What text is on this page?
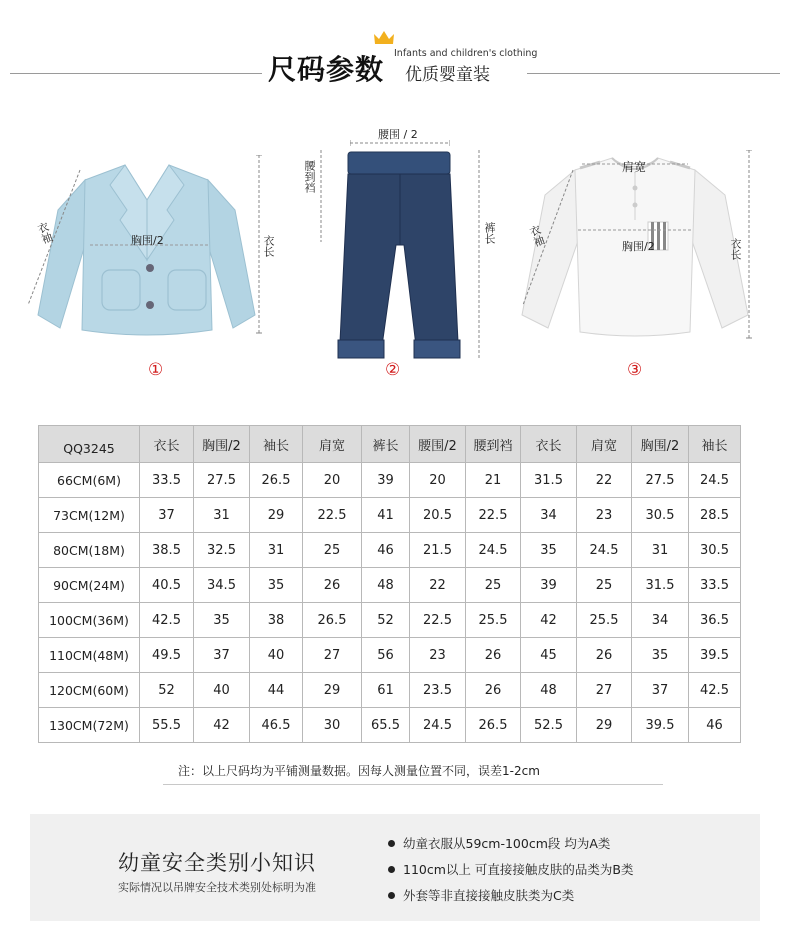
尺码参数 Infants and children's clothing
优质婴童装
衣袖	胸围/2	衣长
①
腰围 / 2
腰到裆
裤长
②
肩宽
衣袖	胸围/2	衣长
③
QQ3245	衣长	胸围/2	袖长	肩宽	裤长	腰围/2	腰到裆	衣长	肩宽	胸围/2	袖长
66CM(6M)	33.5	27.5	26.5	20	39	20	21	31.5	22	27.5	24.5
73CM(12M)	37	31	29	22.5	41	20.5	22.5	34	23	30.5	28.5
80CM(18M)	38.5	32.5	31	25	46	21.5	24.5	35	24.5	31	30.5
90CM(24M)	40.5	34.5	35	26	48	22	25	39	25	31.5	33.5
100CM(36M)	42.5	35	38	26.5	52	22.5	25.5	42	25.5	34	36.5
110CM(48M)	49.5	37	40	27	56	23	26	45	26	35	39.5
120CM(60M)	52	40	44	29	61	23.5	26	48	27	37	42.5
130CM(72M)	55.5	42	46.5	30	65.5	24.5	26.5	52.5	29	39.5	46
注：以上尺码均为平铺测量数据。因每人测量位置不同，误差1-2cm
幼童安全类别小知识
实际情况以吊牌安全技术类别处标明为准
幼童衣服从59cm-100cm段 均为A类
110cm以上 可直接接触皮肤的品类为B类
外套等非直接接触皮肤类为C类
